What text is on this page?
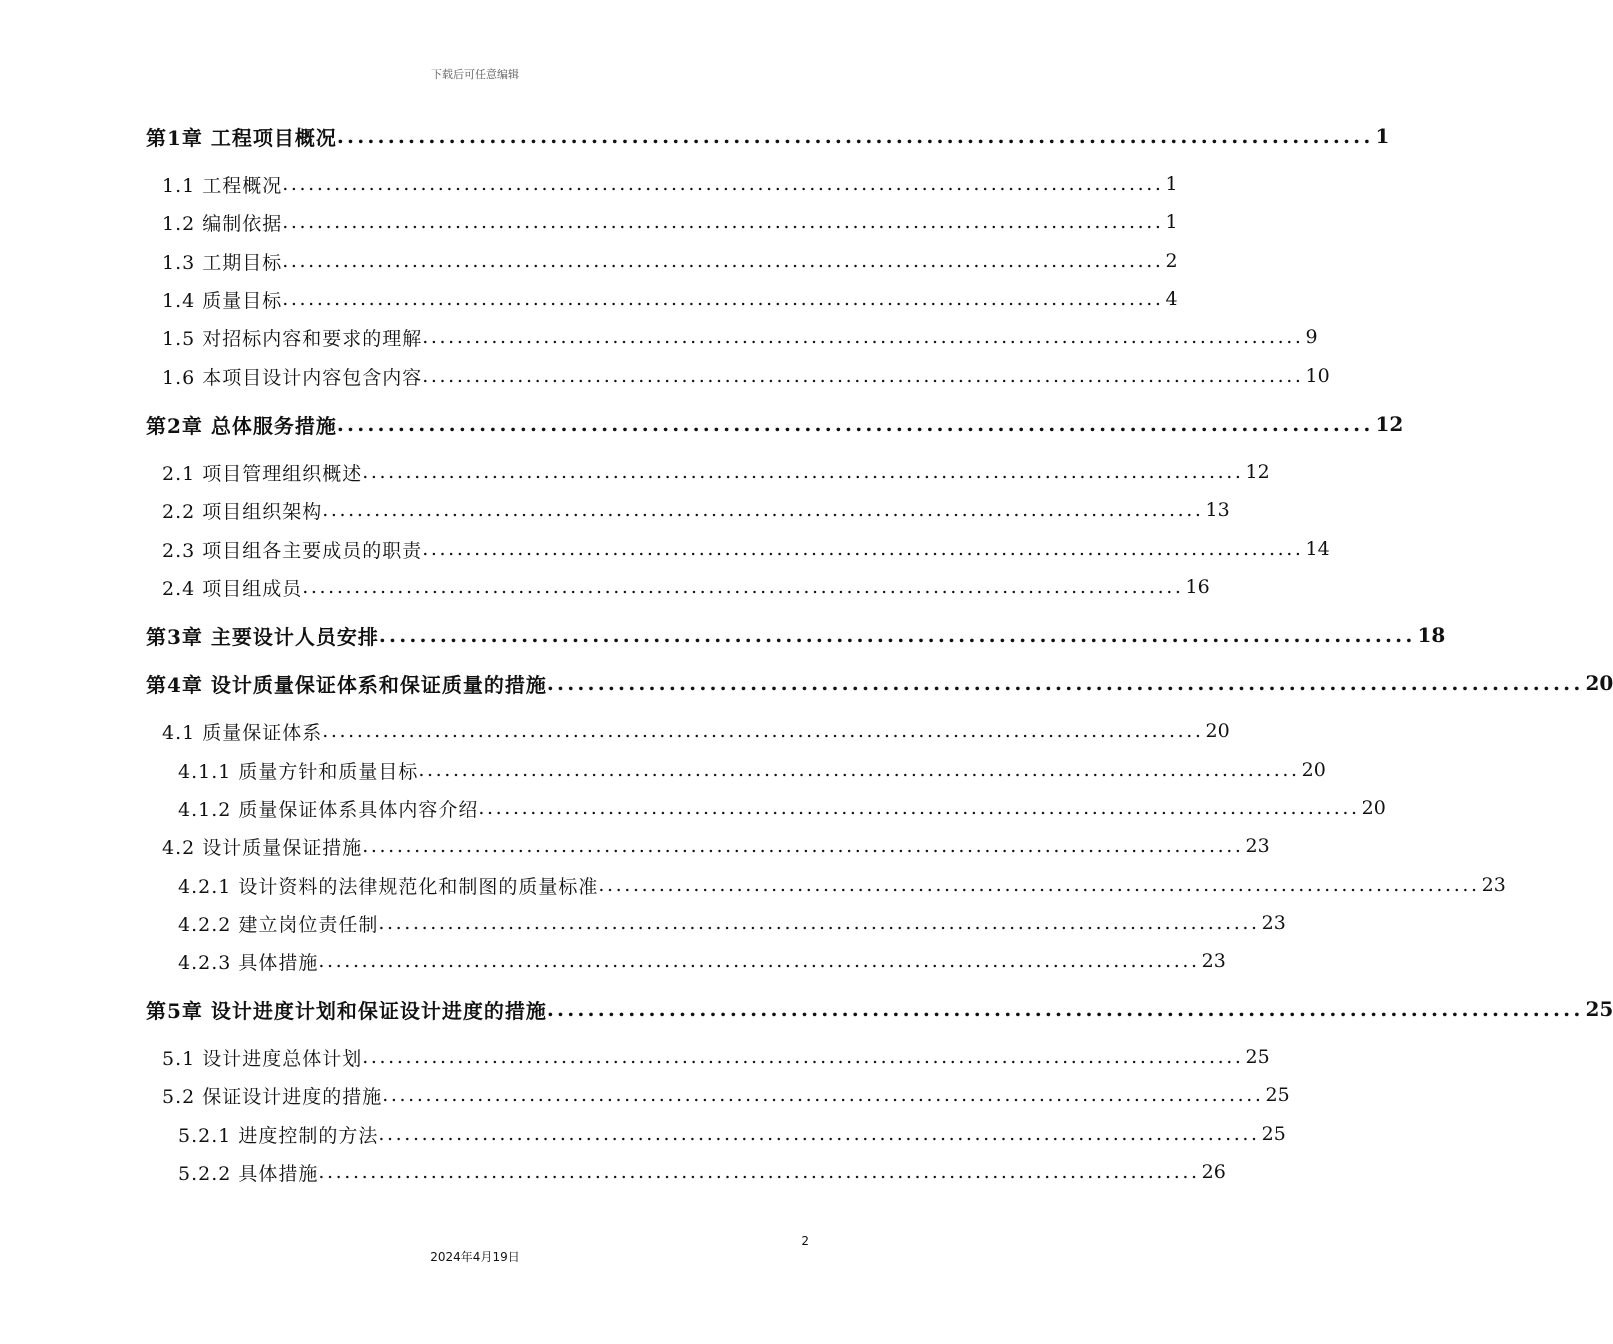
下载后可任意编辑
第1章 工程项目概况 ...................................................................................................... 1
1.1 工程概况 ...................................................................................................... 1
1.2 编制依据 ...................................................................................................... 1
1.3 工期目标 ...................................................................................................... 2
1.4 质量目标 ...................................................................................................... 4
1.5 对招标内容和要求的理解 ...................................................................................................... 9
1.6 本项目设计内容包含内容 ...................................................................................................... 10
第2章 总体服务措施 ...................................................................................................... 12
2.1 项目管理组织概述 ...................................................................................................... 12
2.2 项目组织架构 ...................................................................................................... 13
2.3 项目组各主要成员的职责 ...................................................................................................... 14
2.4 项目组成员 ...................................................................................................... 16
第3章 主要设计人员安排 ...................................................................................................... 18
第4章 设计质量保证体系和保证质量的措施 ...................................................................................................... 20
4.1 质量保证体系 ...................................................................................................... 20
4.1.1 质量方针和质量目标 ...................................................................................................... 20
4.1.2 质量保证体系具体内容介绍 ...................................................................................................... 20
4.2 设计质量保证措施 ...................................................................................................... 23
4.2.1 设计资料的法律规范化和制图的质量标准 ...................................................................................................... 23
4.2.2 建立岗位责任制 ...................................................................................................... 23
4.2.3 具体措施 ...................................................................................................... 23
第5章 设计进度计划和保证设计进度的措施 ...................................................................................................... 25
5.1 设计进度总体计划 ...................................................................................................... 25
5.2 保证设计进度的措施 ...................................................................................................... 25
5.2.1 进度控制的方法 ...................................................................................................... 25
5.2.2 具体措施 ...................................................................................................... 26
2
2024年4月19日
